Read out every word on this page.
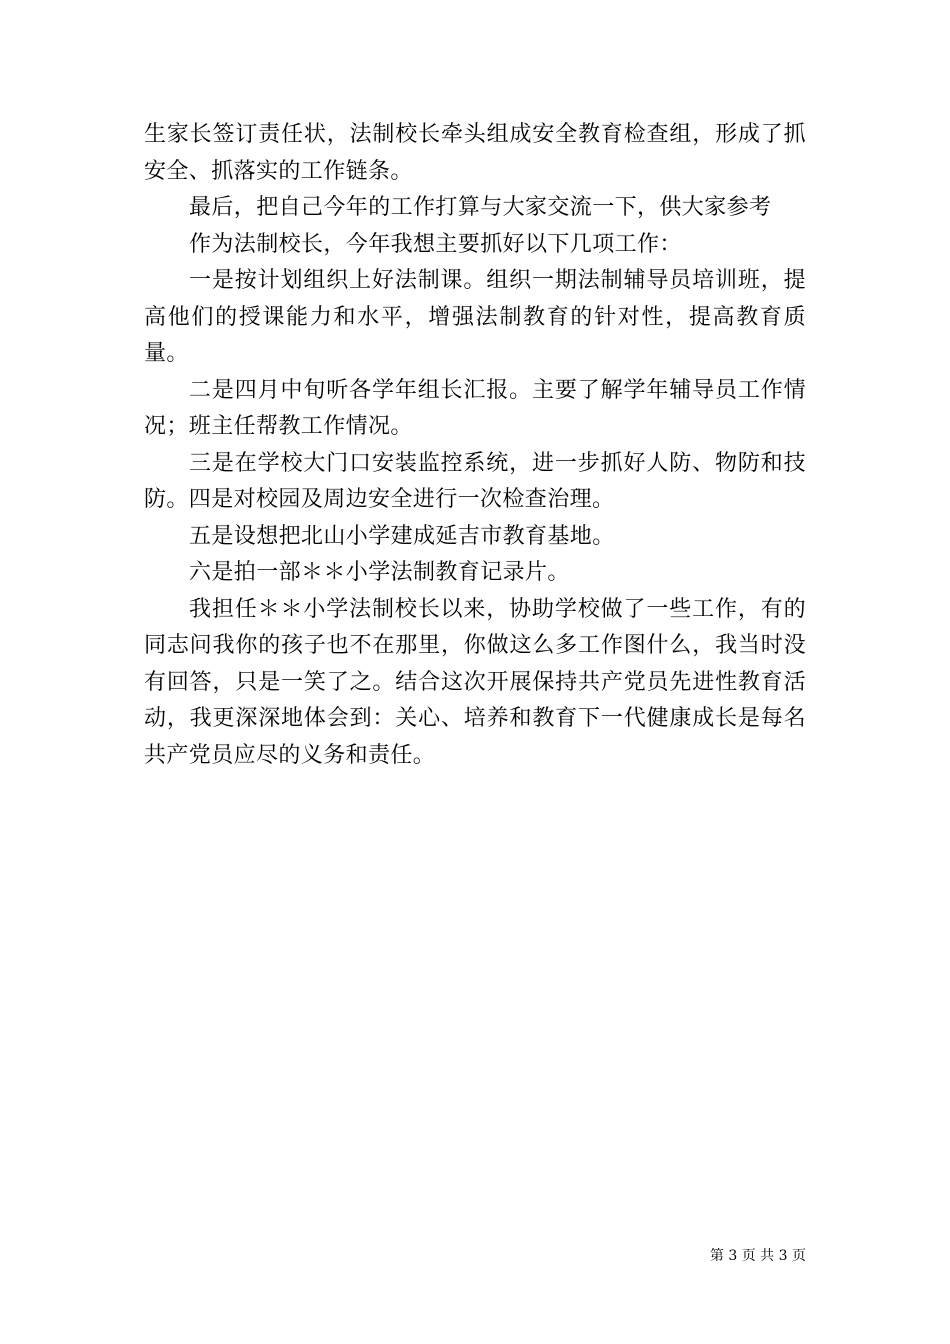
生家长签订责任状，法制校长牵头组成安全教育检查组，形成了抓安全、抓落实的工作链条。

最后，把自己今年的工作打算与大家交流一下，供大家参考

作为法制校长，今年我想主要抓好以下几项工作：

一是按计划组织上好法制课。组织一期法制辅导员培训班，提高他们的授课能力和水平，增强法制教育的针对性，提高教育质量。

二是四月中旬听各学年组长汇报。主要了解学年辅导员工作情况；班主任帮教工作情况。

三是在学校大门口安装监控系统，进一步抓好人防、物防和技防。四是对校园及周边安全进行一次检查治理。

五是设想把北山小学建成延吉市教育基地。

六是拍一部＊＊小学法制教育记录片。

我担任＊＊小学法制校长以来，协助学校做了一些工作，有的同志问我你的孩子也不在那里，你做这么多工作图什么，我当时没有回答，只是一笑了之。结合这次开展保持共产党员先进性教育活动，我更深深地体会到：关心、培养和教育下一代健康成长是每名共产党员应尽的义务和责任。

第 3 页 共 3 页
